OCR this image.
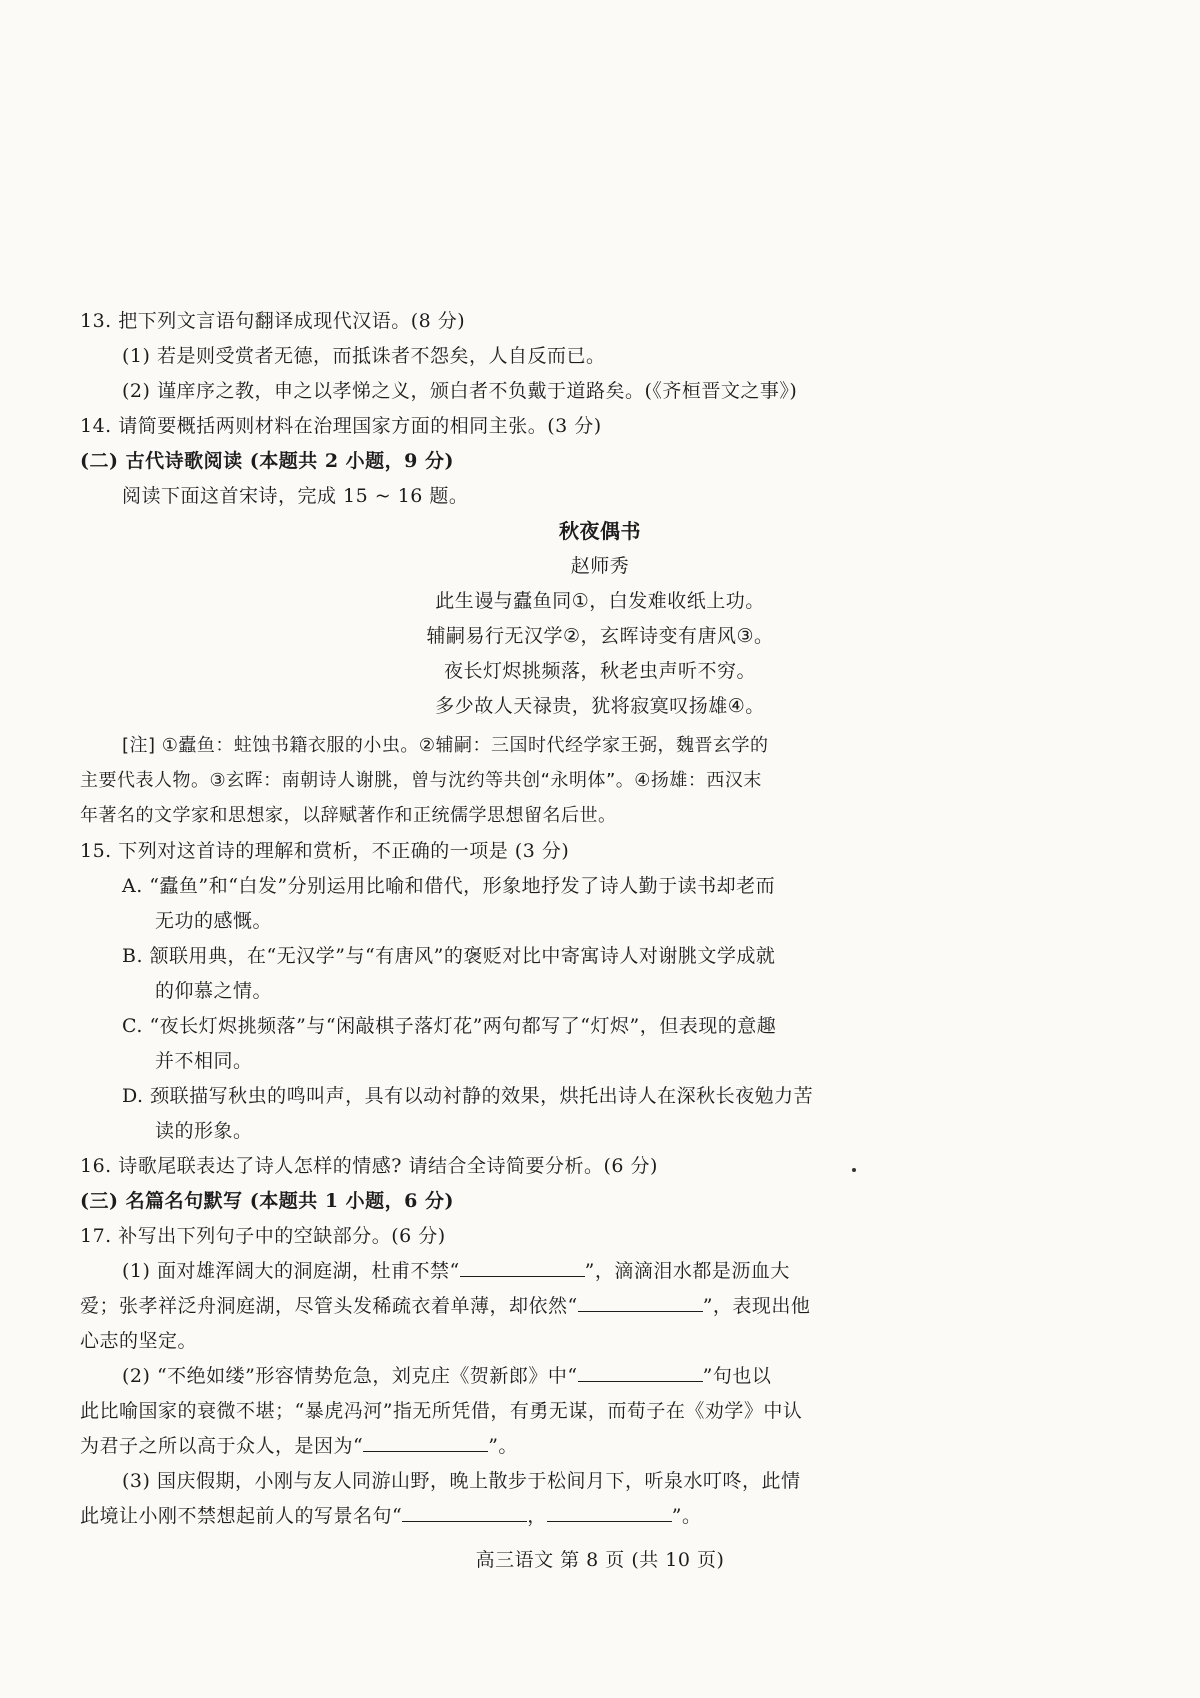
13. 把下列文言语句翻译成现代汉语。(8 分)
(1) 若是则受赏者无德，而抵诛者不怨矣，人自反而已。
(2) 谨庠序之教，申之以孝悌之义，颁白者不负戴于道路矣。(《齐桓晋文之事》)
14. 请简要概括两则材料在治理国家方面的相同主张。(3 分)
(二) 古代诗歌阅读 (本题共 2 小题，9 分)
阅读下面这首宋诗，完成 15 ~ 16 题。
秋夜偶书
赵师秀
此生谩与蠹鱼同①，白发难收纸上功。
辅嗣易行无汉学②，玄晖诗变有唐风③。
夜长灯烬挑频落，秋老虫声听不穷。
多少故人天禄贵，犹将寂寞叹扬雄④。
[注] ①蠹鱼：蛀蚀书籍衣服的小虫。②辅嗣：三国时代经学家王弼，魏晋玄学的
主要代表人物。③玄晖：南朝诗人谢朓，曾与沈约等共创“永明体”。④扬雄：西汉末
年著名的文学家和思想家，以辞赋著作和正统儒学思想留名后世。
15. 下列对这首诗的理解和赏析，不正确的一项是 (3 分)
A. “蠹鱼”和“白发”分别运用比喻和借代，形象地抒发了诗人勤于读书却老而
无功的感慨。
B. 颔联用典，在“无汉学”与“有唐风”的褒贬对比中寄寓诗人对谢朓文学成就
的仰慕之情。
C. “夜长灯烬挑频落”与“闲敲棋子落灯花”两句都写了“灯烬”，但表现的意趣
并不相同。
D. 颈联描写秋虫的鸣叫声，具有以动衬静的效果，烘托出诗人在深秋长夜勉力苦
读的形象。
16. 诗歌尾联表达了诗人怎样的情感? 请结合全诗简要分析。(6 分)
(三) 名篇名句默写 (本题共 1 小题，6 分)
17. 补写出下列句子中的空缺部分。(6 分)
(1) 面对雄浑阔大的洞庭湖，杜甫不禁“	”，滴滴泪水都是沥血大
爱；张孝祥泛舟洞庭湖，尽管头发稀疏衣着单薄，却依然“	”，表现出他
心志的坚定。
(2) “不绝如缕”形容情势危急，刘克庄《贺新郎》中“	”句也以
此比喻国家的衰微不堪；“暴虎冯河”指无所凭借，有勇无谋，而荀子在《劝学》中认
为君子之所以高于众人，是因为“	”。
(3) 国庆假期，小刚与友人同游山野，晚上散步于松间月下，听泉水叮咚，此情
此境让小刚不禁想起前人的写景名句“	，	”。
高三语文 第 8 页 (共 10 页)
